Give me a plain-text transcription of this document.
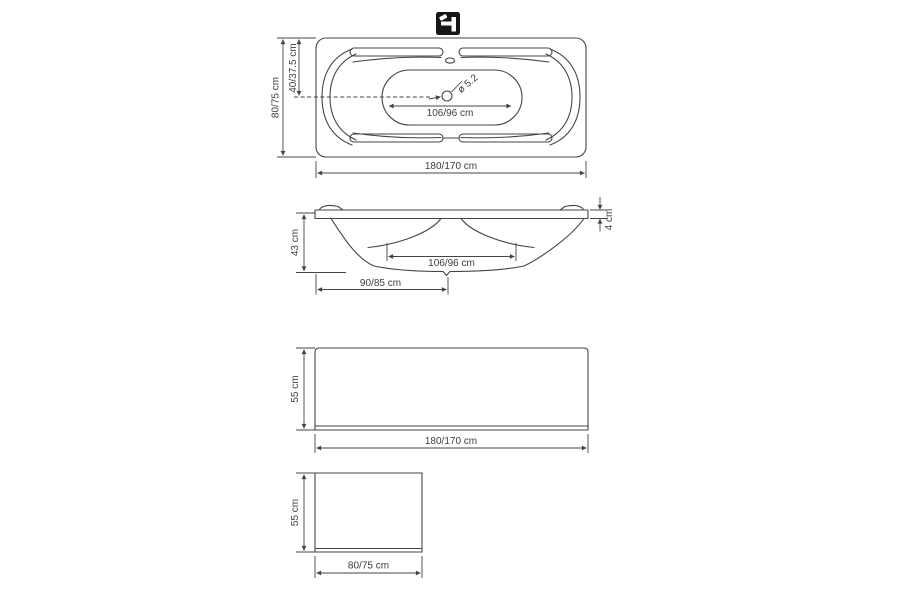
ø 5.2
80/75 cm
40/37.5 cm
106/96 cm
180/170 cm
43 cm
4 cm
106/96 cm
90/85 cm
55 cm
180/170 cm
55 cm
80/75 cm
